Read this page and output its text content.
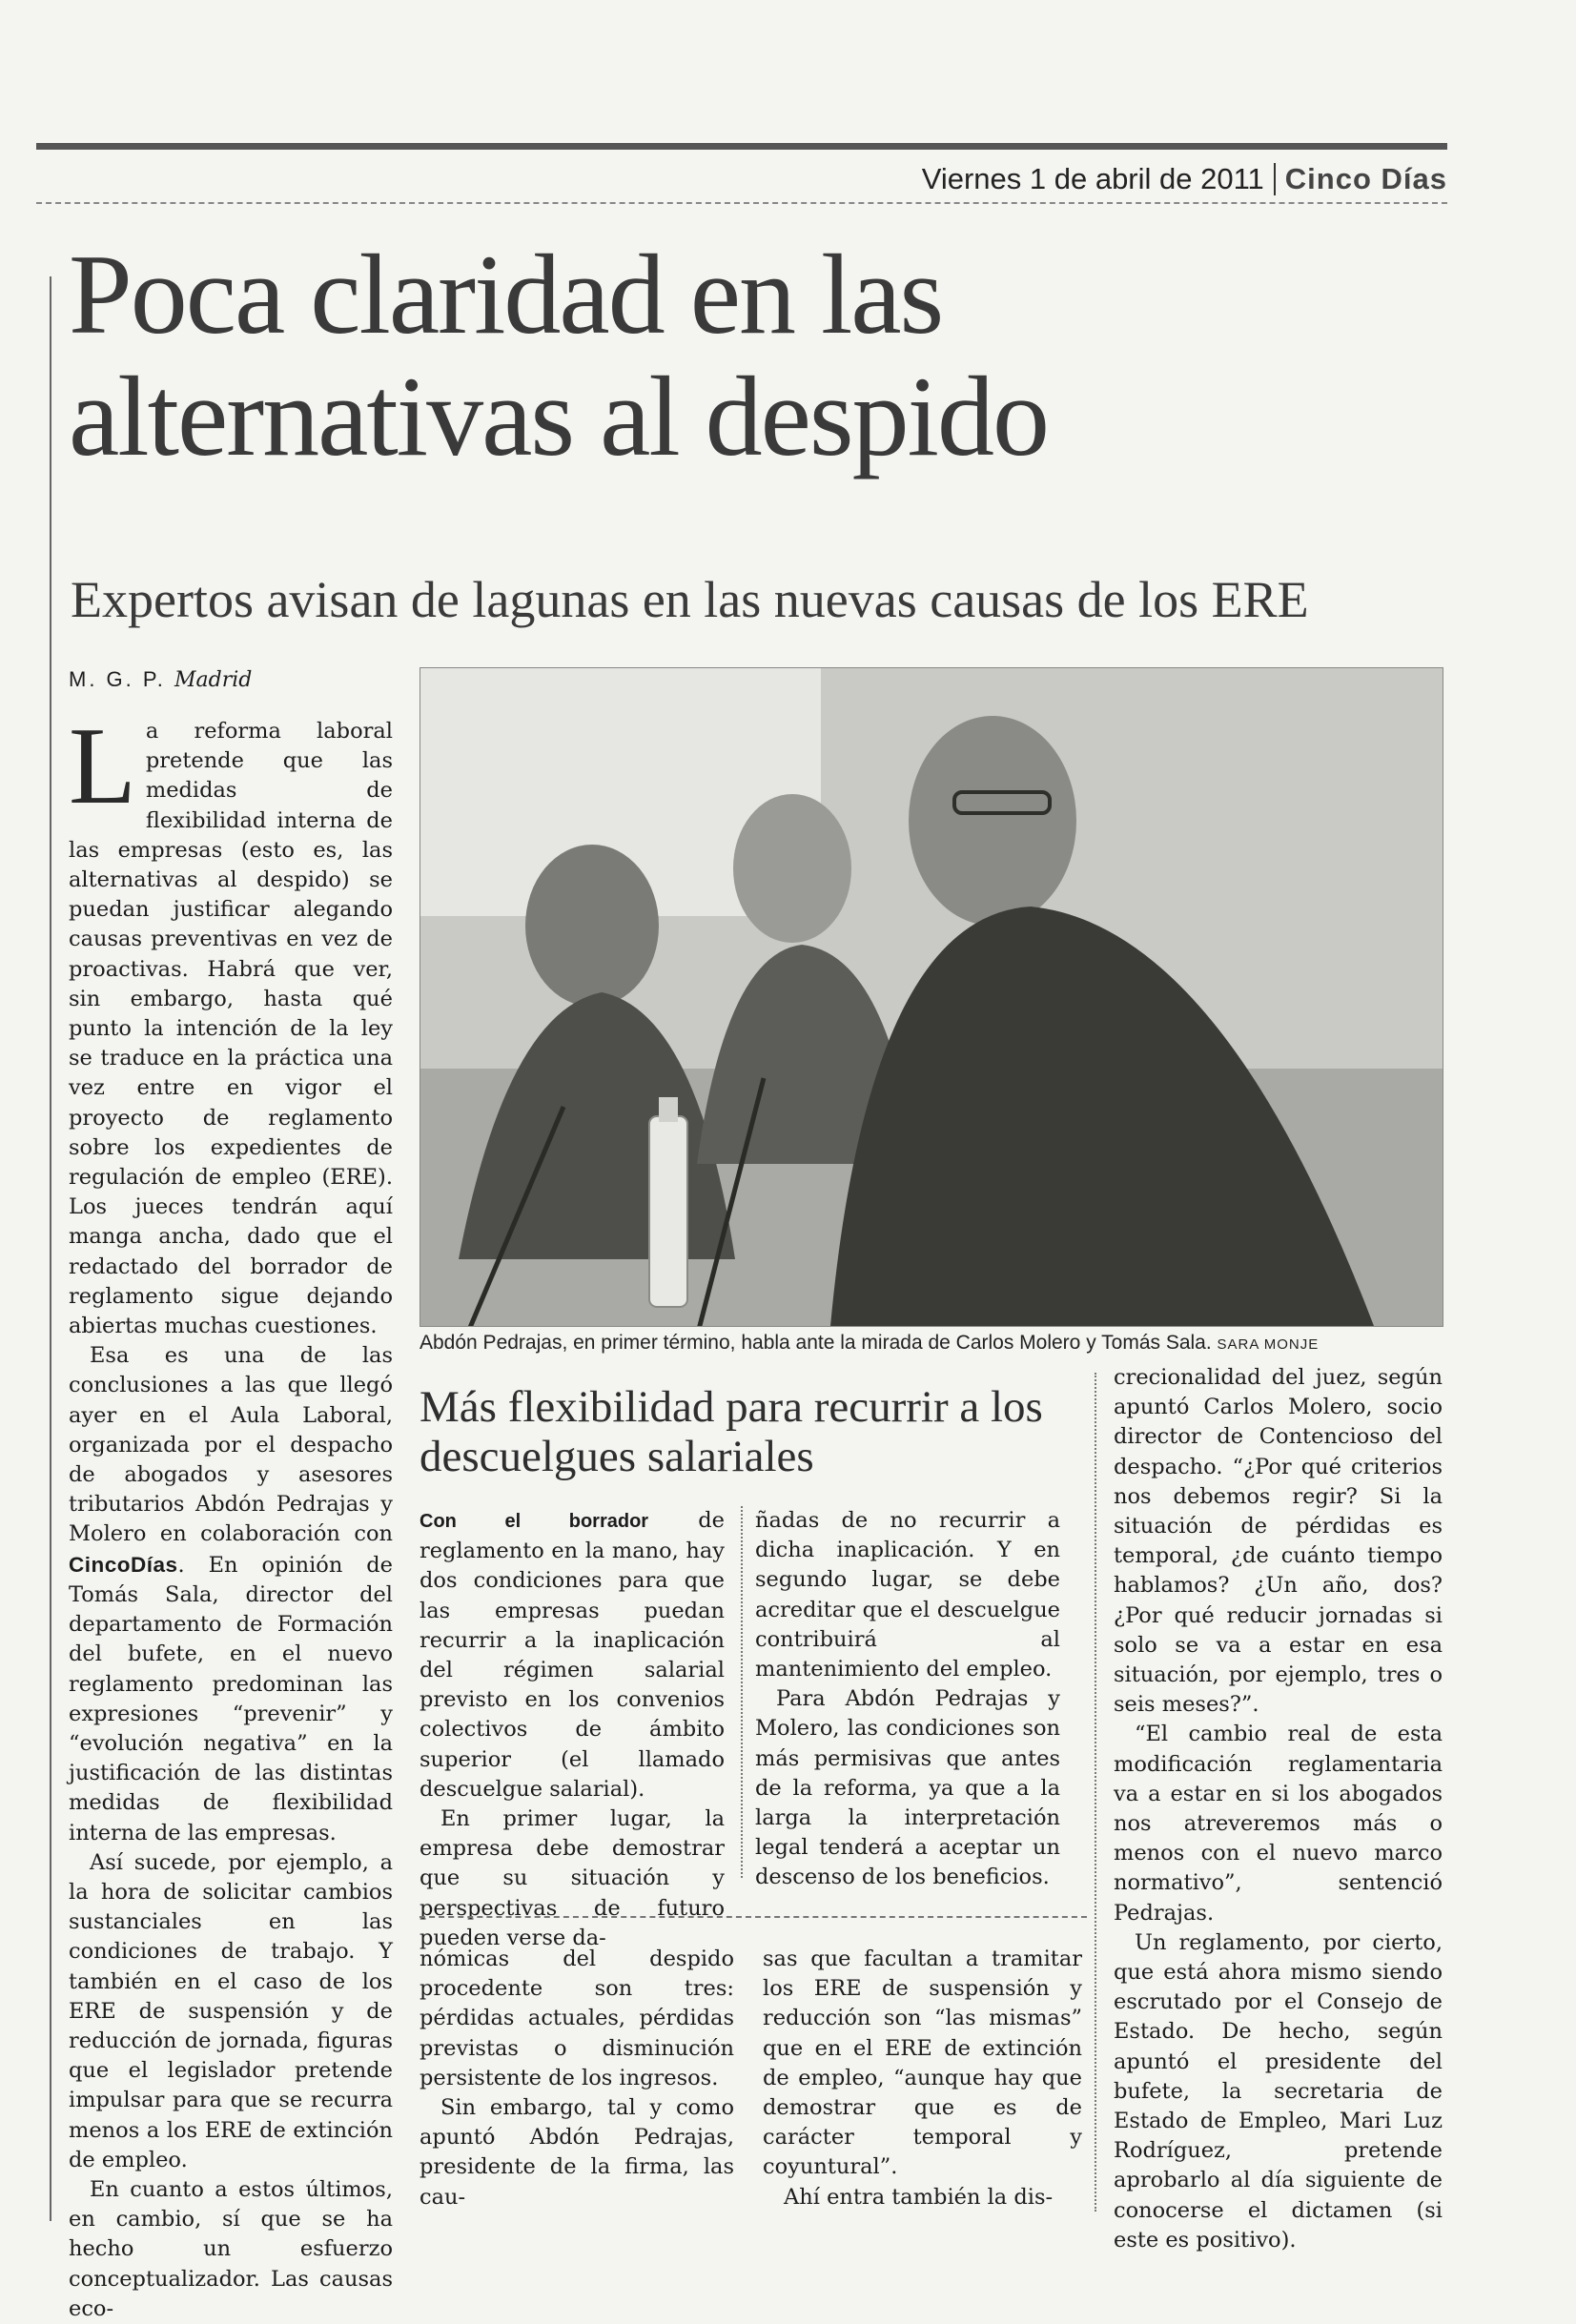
Viernes 1 de abril de 2011 Cinco Días
Poca claridad en las
alternativas al despido
Expertos avisan de lagunas en las nuevas causas de los ERE
M. G. P. Madrid

La reforma laboral pretende que las medidas de flexibilidad interna de las empresas (esto es, las alternativas al despido) se puedan justificar alegando causas preventivas en vez de proactivas. Habrá que ver, sin embargo, hasta qué punto la intención de la ley se traduce en la práctica una vez entre en vigor el proyecto de reglamento sobre los expedientes de regulación de empleo (ERE). Los jueces tendrán aquí manga ancha, dado que el redactado del borrador de reglamento sigue dejando abiertas muchas cuestiones.

Esa es una de las conclusiones a las que llegó ayer en el Aula Laboral, organizada por el despacho de abogados y asesores tributarios Abdón Pedrajas y Molero en colaboración con CincoDías. En opinión de Tomás Sala, director del departamento de Formación del bufete, en el nuevo reglamento predominan las expresiones “prevenir” y “evolución negativa” en la justificación de las distintas medidas de flexibilidad interna de las empresas.

Así sucede, por ejemplo, a la hora de solicitar cambios sustanciales en las condiciones de trabajo. Y también en el caso de los ERE de suspensión y de reducción de jornada, figuras que el legislador pretende impulsar para que se recurra menos a los ERE de extinción de empleo.

En cuanto a estos últimos, en cambio, sí que se ha hecho un esfuerzo conceptualizador. Las causas eco-

Abdón Pedrajas, en primer término, habla ante la mirada de Carlos Molero y Tomás Sala. SARA MONJE
Más flexibilidad para recurrir a los descuelgues salariales

Con el borrador de reglamento en la mano, hay dos condiciones para que las empresas puedan recurrir a la inaplicación del régimen salarial previsto en los convenios colectivos de ámbito superior (el llamado descuelgue salarial).

En primer lugar, la empresa debe demostrar que su situación y perspectivas de futuro pueden verse da-

ñadas de no recurrir a dicha inaplicación. Y en segundo lugar, se debe acreditar que el descuelgue contribuirá al mantenimiento del empleo.

Para Abdón Pedrajas y Molero, las condiciones son más permisivas que antes de la reforma, ya que a la larga la interpretación legal tenderá a aceptar un descenso de los beneficios.

crecionalidad del juez, según apuntó Carlos Molero, socio director de Contencioso del despacho. “¿Por qué criterios nos debemos regir? Si la situación de pérdidas es temporal, ¿de cuánto tiempo hablamos? ¿Un año, dos? ¿Por qué reducir jornadas si solo se va a estar en esa situación, por ejemplo, tres o seis meses?”.

“El cambio real de esta modificación reglamentaria va a estar en si los abogados nos atreveremos más o menos con el nuevo marco normativo”, sentenció Pedrajas.

Un reglamento, por cierto, que está ahora mismo siendo escrutado por el Consejo de Estado. De hecho, según apuntó el presidente del bufete, la secretaria de Estado de Empleo, Mari Luz Rodríguez, pretende aprobarlo al día siguiente de conocerse el dictamen (si este es positivo).

nómicas del despido procedente son tres: pérdidas actuales, pérdidas previstas o disminución persistente de los ingresos.

Sin embargo, tal y como apuntó Abdón Pedrajas, presidente de la firma, las cau-

sas que facultan a tramitar los ERE de suspensión y reducción son “las mismas” que en el ERE de extinción de empleo, “aunque hay que demostrar que es de carácter temporal y coyuntural”.

Ahí entra también la dis-
